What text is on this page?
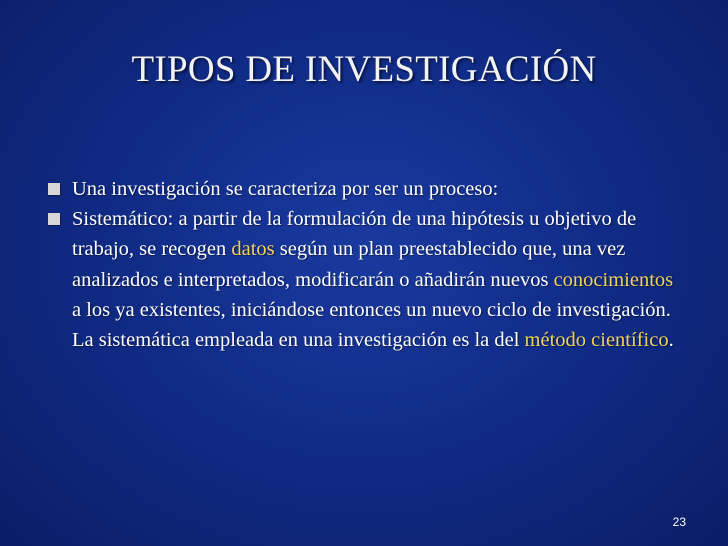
TIPOS DE INVESTIGACIÓN
Una investigación se caracteriza por ser un proceso:
Sistemático: a partir de la formulación de una hipótesis u objetivo de trabajo, se recogen datos según un plan preestablecido que, una vez analizados e interpretados, modificarán o añadirán nuevos conocimientos a los ya existentes, iniciándose entonces un nuevo ciclo de investigación. La sistemática empleada en una investigación es la del método científico.
23
